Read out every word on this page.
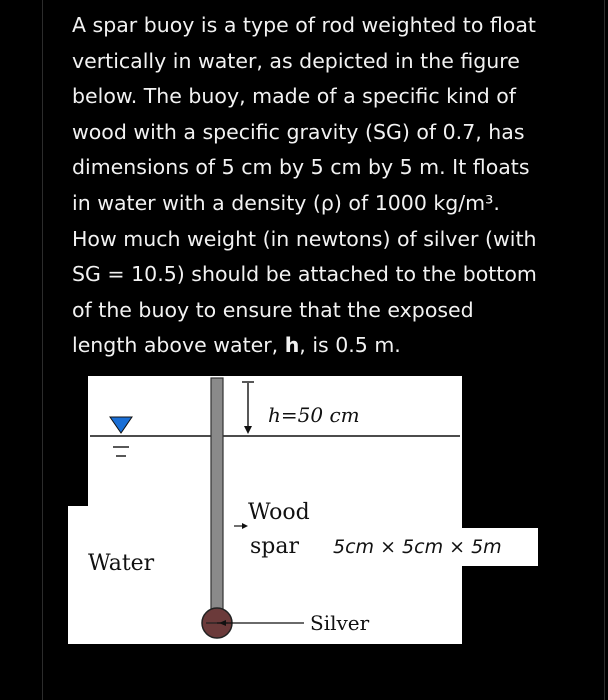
A spar buoy is a type of rod weighted to float
vertically in water, as depicted in the figure
below. The buoy, made of a specific kind of
wood with a specific gravity (SG) of 0.7, has
dimensions of 5 cm by 5 cm by 5 m. It floats
in water with a density (ρ) of 1000 kg/m³.
How much weight (in newtons) of silver (with
SG = 10.5) should be attached to the bottom
of the buoy to ensure that the exposed
length above water, h, is 0.5 m.
h=50 cm
Wood
spar 5cm × 5cm × 5m
Water
Silver
